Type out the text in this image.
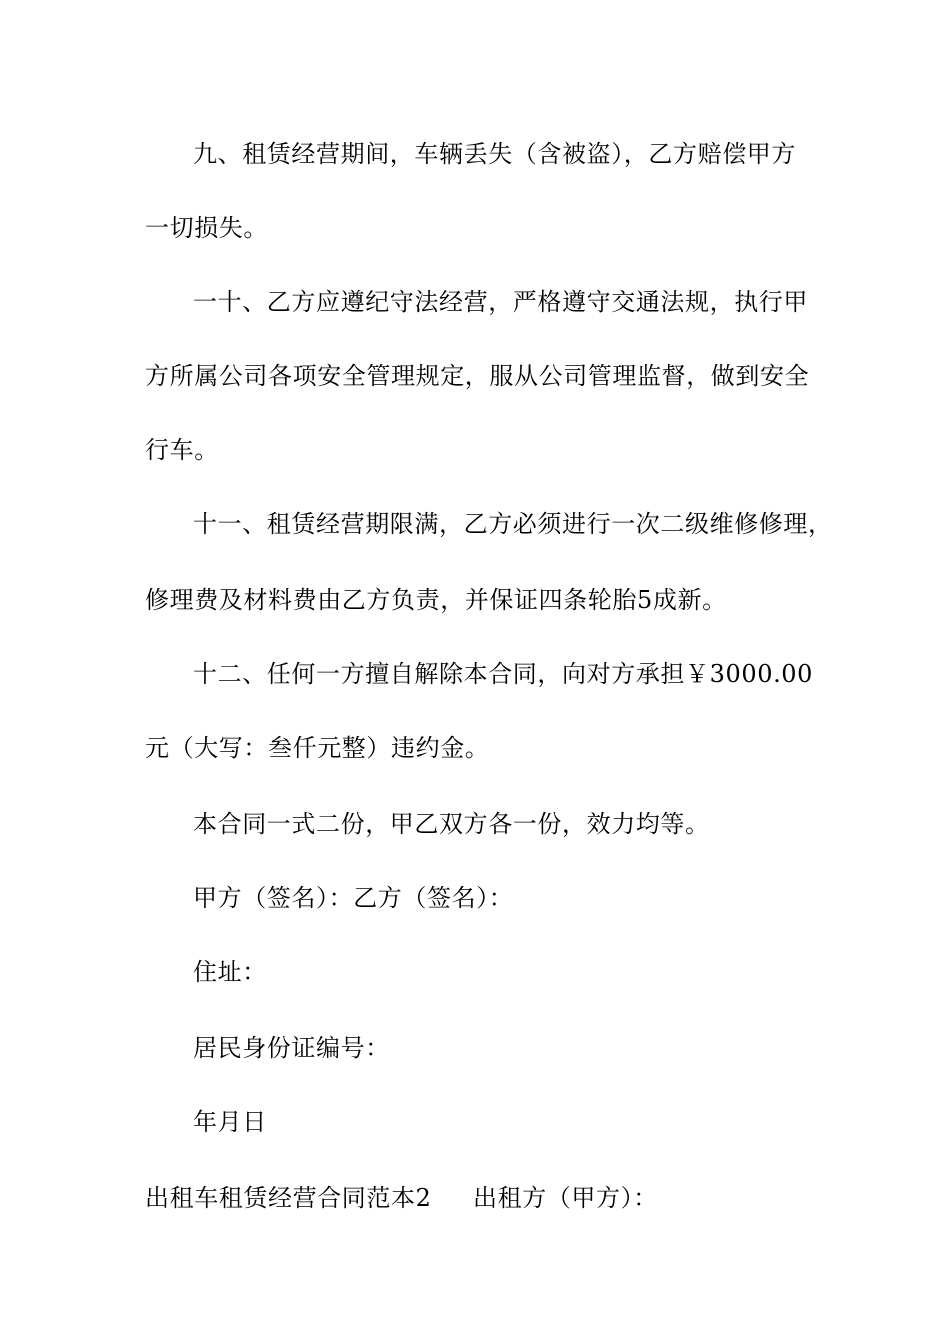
九、租赁经营期间，车辆丢失（含被盗），乙方赔偿甲方
一切损失。
一十、乙方应遵纪守法经营，严格遵守交通法规，执行甲
方所属公司各项安全管理规定，服从公司管理监督，做到安全
行车。
十一、租赁经营期限满，乙方必须进行一次二级维修修理，
修理费及材料费由乙方负责，并保证四条轮胎5成新。
十二、任何一方擅自解除本合同，向对方承担￥3000.00
元（大写：叁仟元整）违约金。
本合同一式二份，甲乙双方各一份，效力均等。
甲方（签名）：乙方（签名）：
住址：
居民身份证编号：
年月日
出租车租赁经营合同范本2 出租方（甲方）：
